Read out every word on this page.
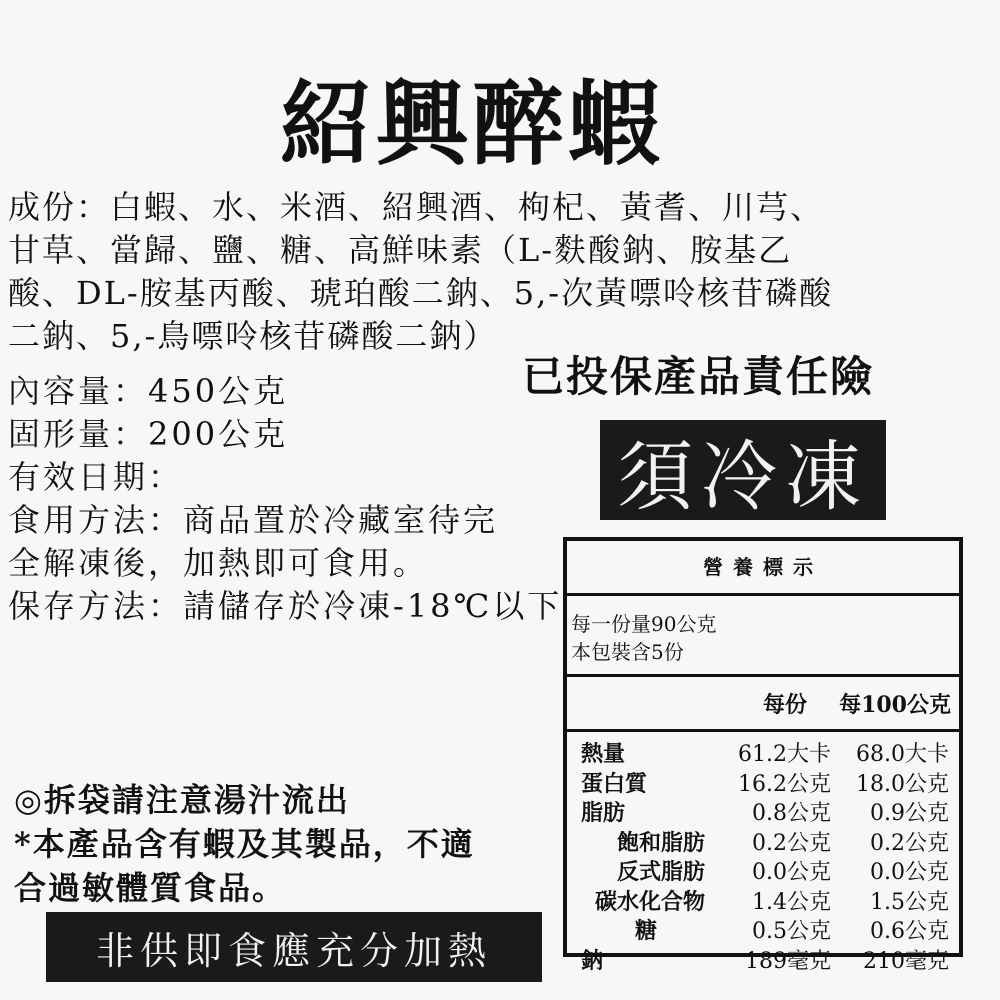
紹興醉蝦
成份：白蝦、水、米酒、紹興酒、枸杞、黃耆、川芎、
甘草、當歸、鹽、糖、高鮮味素（L-麩酸鈉、胺基乙
酸、DL-胺基丙酸、琥珀酸二鈉、5,-次黃嘌呤核苷磷酸
二鈉、5,-鳥嘌呤核苷磷酸二鈉）
內容量：450公克
固形量：200公克
有效日期：
食用方法：商品置於冷藏室待完
全解凍後，加熱即可食用。
保存方法：請儲存於冷凍-18℃以下
已投保產品責任險
須冷凍
營養標示
每一份量90公克
本包裝含5份
每份 每100公克
熱量	61.2大卡	68.0大卡
蛋白質	16.2公克	18.0公克
脂肪	0.8公克	0.9公克
飽和脂肪	0.2公克	0.2公克
反式脂肪	0.0公克	0.0公克
碳水化合物	1.4公克	1.5公克
糖	0.5公克	0.6公克
鈉	189毫克	210毫克
◎拆袋請注意湯汁流出
*本產品含有蝦及其製品，不適
合過敏體質食品。
非供即食應充分加熱
